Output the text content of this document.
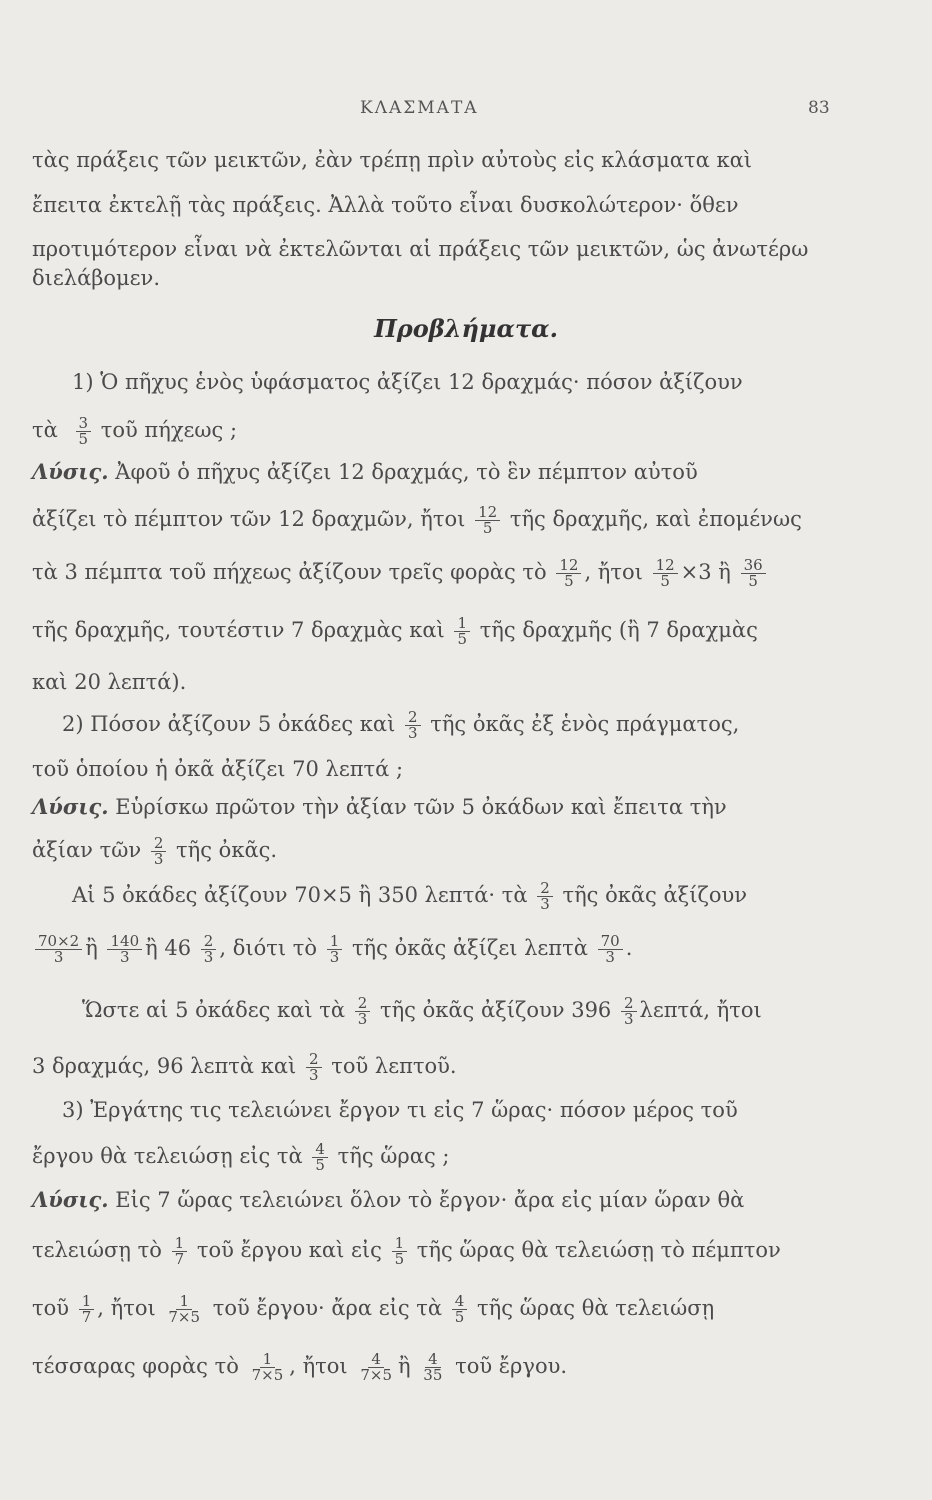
ΚΛΑΣΜΑΤΑ	83
τὰς πράξεις τῶν μεικτῶν, ἐὰν τρέπῃ πρὶν αὐτοὺς εἰς κλάσματα καὶ
ἔπειτα ἐκτελῇ τὰς πράξεις. Ἀλλὰ τοῦτο εἶναι δυσκολώτερον· ὅθεν
προτιμότερον εἶναι νὰ ἐκτελῶνται αἱ πράξεις τῶν μεικτῶν, ὡς ἀνωτέρω
διελάβομεν.
Προβλήματα.
1) Ὁ πῆχυς ἑνὸς ὑφάσματος ἀξίζει 12 δραχμάς· πόσον ἀξίζουν
τὰ $\frac{3}{5}$ τοῦ πήχεως ;
Λύσις. Ἀφοῦ ὁ πῆχυς ἀξίζει 12 δραχμάς, τὸ ἓν πέμπτον αὐτοῦ
ἀξίζει τὸ πέμπτον τῶν 12 δραχμῶν, ἤτοι $\frac{12}{5}$ τῆς δραχμῆς, καὶ ἐπομένως
τὰ 3 πέμπτα τοῦ πήχεως ἀξίζουν τρεῖς φορὰς τὸ $\frac{12}{5}$ , ἤτοι $\frac{12}{5} \times 3$ ἢ $\frac{36}{5}$
τῆς δραχμῆς, τουτέστιν 7 δραχμὰς καὶ $\frac{1}{5}$ τῆς δραχμῆς (ἢ 7 δραχμὰς
καὶ 20 λεπτά).
2) Πόσον ἀξίζουν 5 ὀκάδες καὶ $\frac{2}{3}$ τῆς ὀκᾶς ἐξ ἑνὸς πράγματος,
τοῦ ὁποίου ἡ ὀκᾶ ἀξίζει 70 λεπτά ;
Λύσις. Εὑρίσκω πρῶτον τὴν ἀξίαν τῶν 5 ὀκάδων καὶ ἔπειτα τὴν
ἀξίαν τῶν $\frac{2}{3}$ τῆς ὀκᾶς.
Αἱ 5 ὀκάδες ἀξίζουν 70×5 ἢ 350 λεπτά· τὰ $\frac{2}{3}$ τῆς ὀκᾶς ἀξίζουν
$\frac{70\times 2}{3}$ ἢ $\frac{140}{3}$ ἢ $46 \frac{2}{3}$ , διότι τὸ $\frac{1}{3}$ τῆς ὀκᾶς ἀξίζει λεπτὰ $\frac{70}{3}$ .
Ὥστε αἱ 5 ὀκάδες καὶ τὰ $\frac{2}{3}$ τῆς ὀκᾶς ἀξίζουν $396 \frac{2}{3} \lambda\varepsilon\pi\tau ά$, ἤτοι
3 δραχμάς, 96 λεπτὰ καὶ $\frac{2}{3}$ τοῦ λεπτοῦ.
3) Ἐργάτης τις τελειώνει ἔργον τι εἰς 7 ὥρας· πόσον μέρος τοῦ
ἔργου θὰ τελειώσῃ εἰς τὰ $\frac{4}{5}$ τῆς ὥρας ;
Λύσις. Εἰς 7 ὥρας τελειώνει ὅλον τὸ ἔργον· ἄρα εἰς μίαν ὥραν θὰ
τελειώσῃ τὸ $\frac{1}{7}$ τοῦ ἔργου καὶ εἰς $\frac{1}{5}$ τῆς ὥρας θὰ τελειώσῃ τὸ πέμπτον
τοῦ $\frac{1}{7}$ , ἤτοι $\frac{1}{7\times 5}$ τοῦ ἔργου· ἄρα εἰς τὰ $\frac{4}{5}$ τῆς ὥρας θὰ τελειώσῃ
τέσσαρας φορὰς τὸ $\frac{1}{7\times 5}$ , ἤτοι $\frac{4}{7\times 5}$ ἢ $\frac{4}{35}$ τοῦ ἔργου.
